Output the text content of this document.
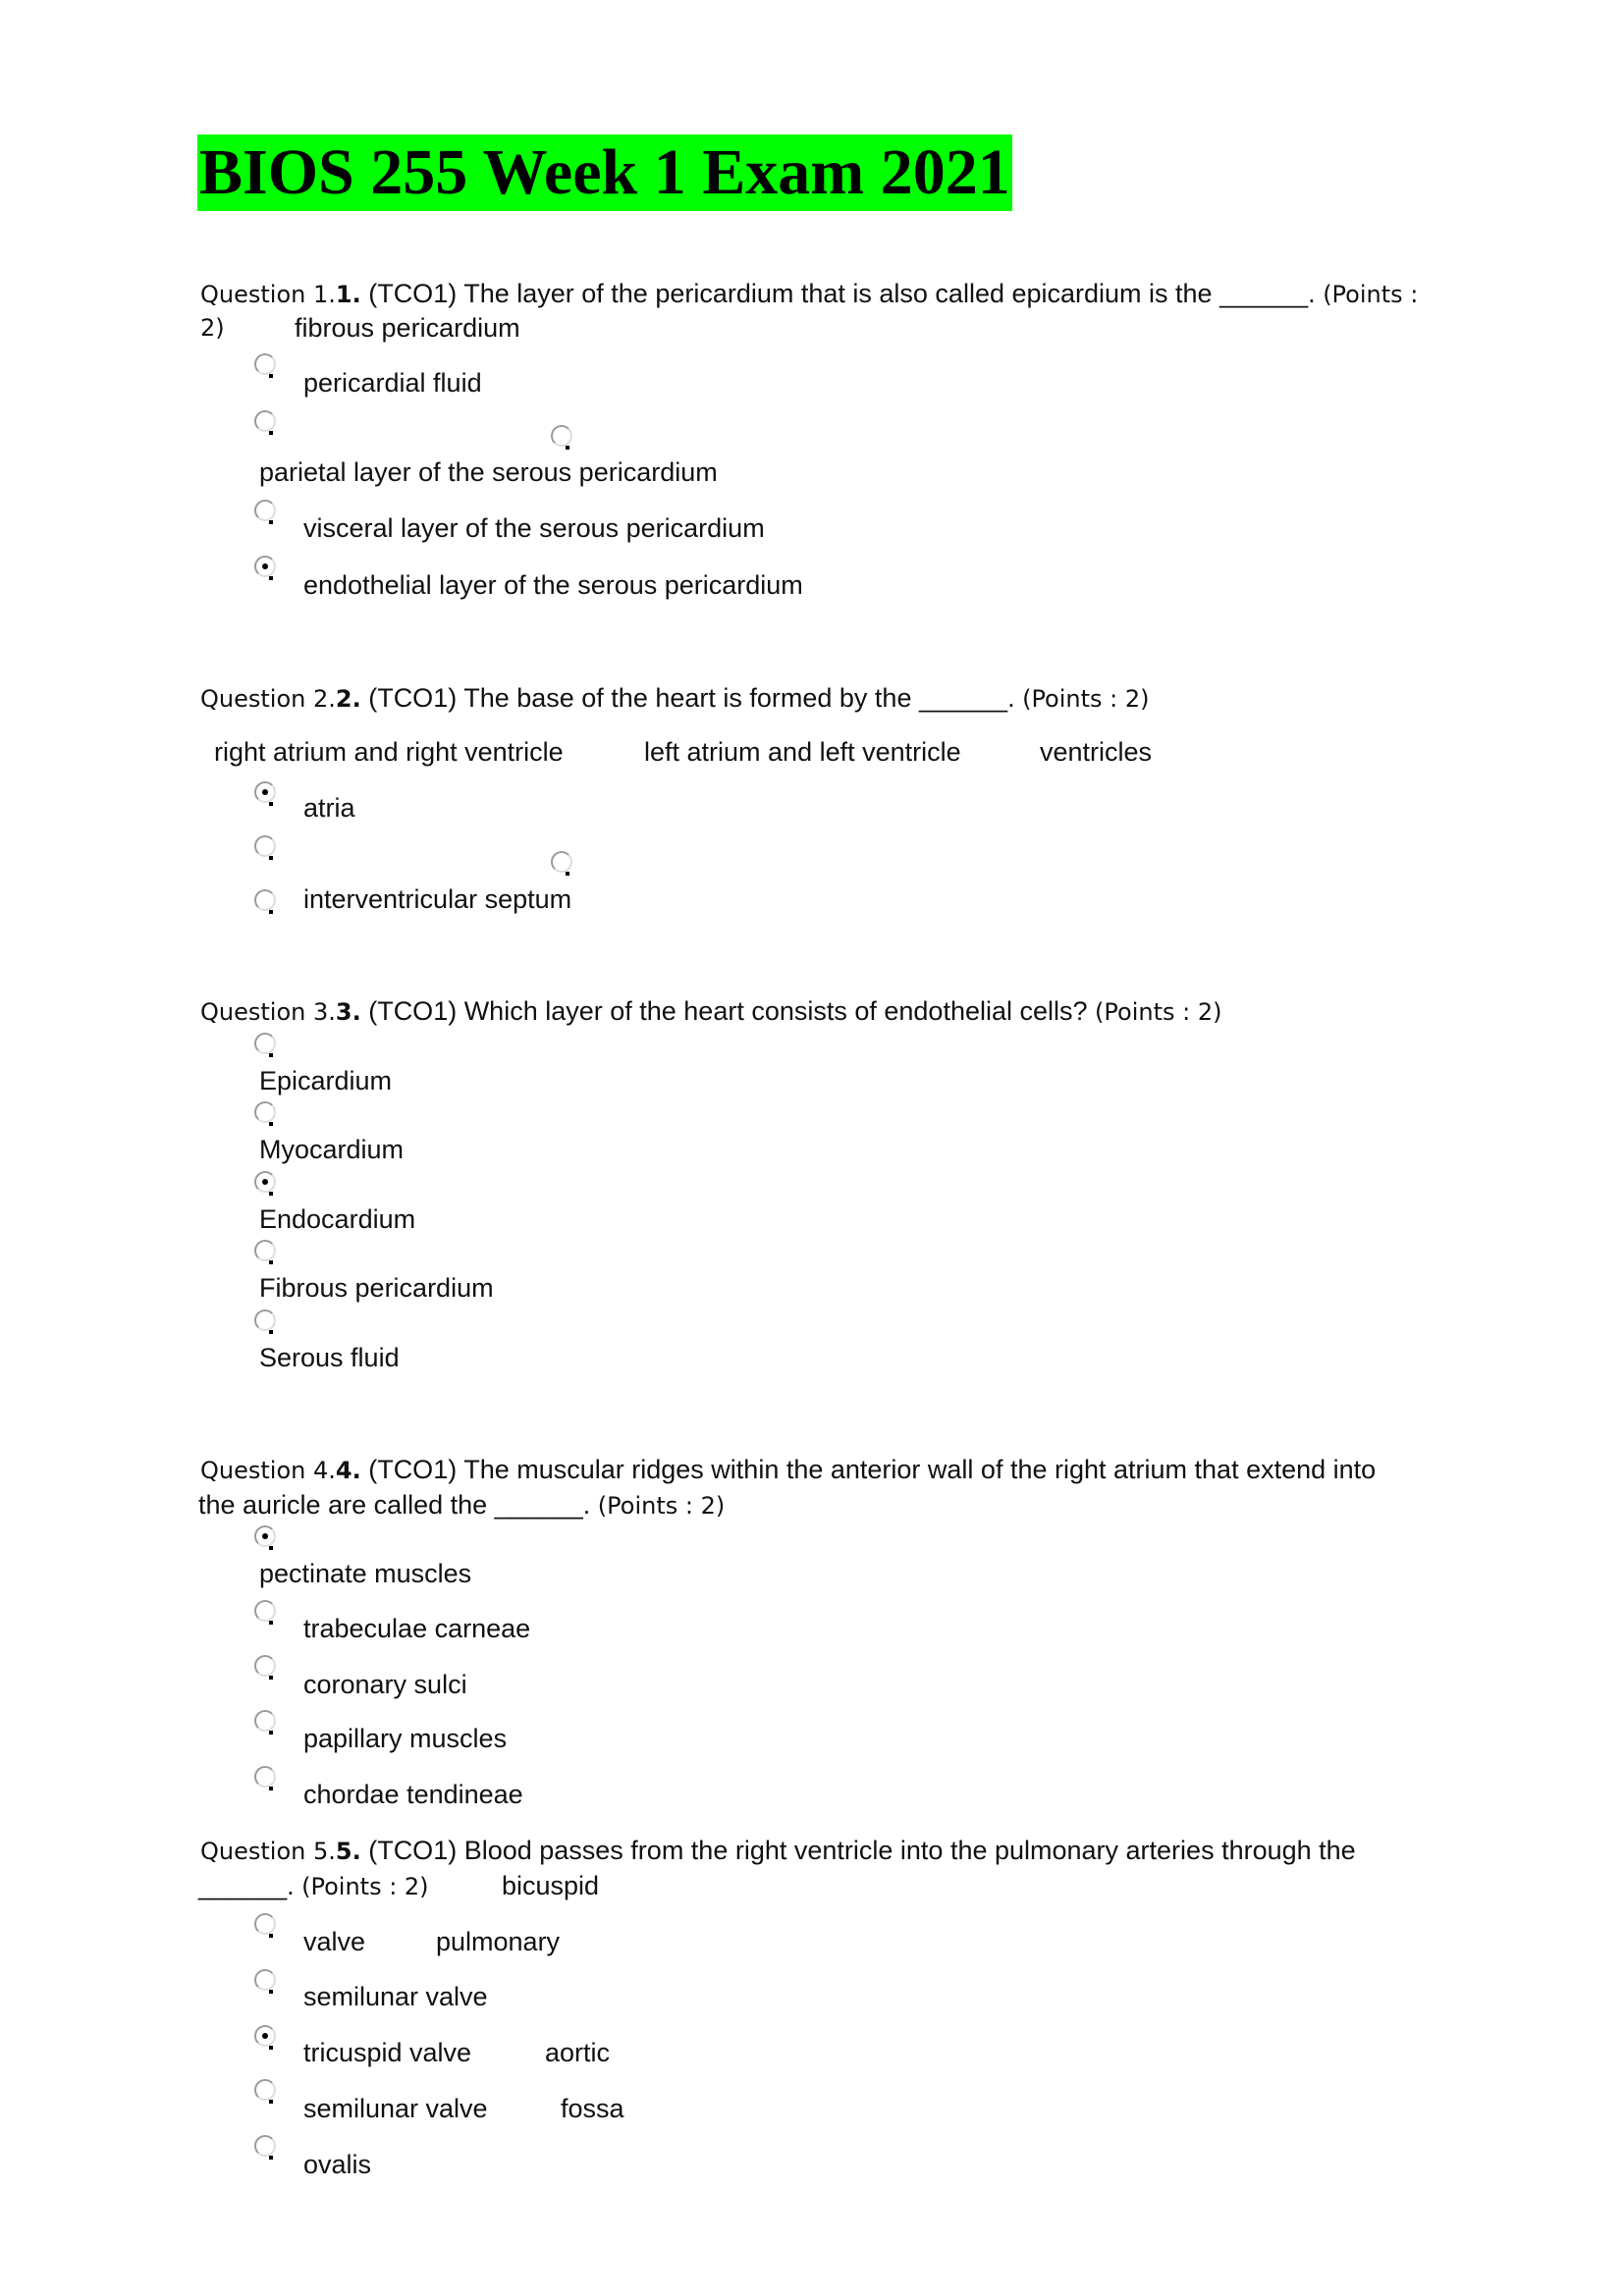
BIOS 255 Week 1 Exam 2021
Question 1.1. (TCO1) The layer of the pericardium that is also called epicardium is the ______. (Points :
2)	fibrous pericardium
pericardial fluid
parietal layer of the serous pericardium
visceral layer of the serous pericardium
endothelial layer of the serous pericardium
Question 2.2. (TCO1) The base of the heart is formed by the ______. (Points : 2)
right atrium and right ventricle	left atrium and left ventricle	ventricles
atria
interventricular septum
Question 3.3. (TCO1) Which layer of the heart consists of endothelial cells? (Points : 2)
Epicardium
Myocardium
Endocardium
Fibrous pericardium
Serous fluid
Question 4.4. (TCO1) The muscular ridges within the anterior wall of the right atrium that extend into
the auricle are called the ______. (Points : 2)
pectinate muscles
trabeculae carneae
coronary sulci
papillary muscles
chordae tendineae
Question 5.5. (TCO1) Blood passes from the right ventricle into the pulmonary arteries through the
______. (Points : 2)	bicuspid
valve	pulmonary
semilunar valve
tricuspid valve	aortic
semilunar valve	fossa
ovalis
